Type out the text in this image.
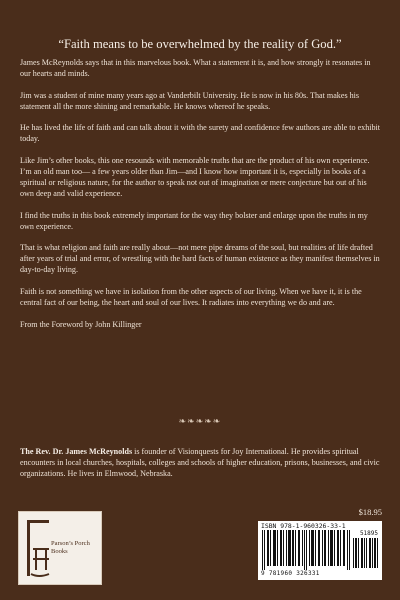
“Faith means to be overwhelmed by the reality of God.”

James McReynolds says that in this marvelous book. What a statement it is, and how strongly it resonates in our hearts and minds.

Jim was a student of mine many years ago at Vanderbilt University. He is now in his 80s. That makes his statement all the more shining and remarkable. He knows whereof he speaks.

He has lived the life of faith and can talk about it with the surety and confidence few authors are able to exhibit today.

Like Jim’s other books, this one resounds with memorable truths that are the product of his own experience. I’m an old man too— a few years older than Jim—and I know how important it is, especially in books of a spiritual or religious nature, for the author to speak not out of imagination or mere conjecture but out of his own deep and valid experience.

I find the truths in this book extremely important for the way they bolster and enlarge upon the truths in my own experience.

That is what religion and faith are really about—not mere pipe dreams of the soul, but realities of life drafted after years of trial and error, of wrestling with the hard facts of human existence as they manifest themselves in day-to-day living.

Faith is not something we have in isolation from the other aspects of our living. When we have it, it is the central fact of our being, the heart and soul of our lives. It radiates into everything we do and are.

From the Foreword by John Killinger

❧❧❧❧❧
The Rev. Dr. James McReynolds is founder of Visionquests for Joy International. He provides spiritual encounters in local churches, hospitals, colleges and schools of higher education, prisons, businesses, and civic organizations. He lives in Elmwood, Nebraska.
Parson’s Porch Books
$18.95
ISBN 978-1-960326-33-1
51895
9 781960 326331
